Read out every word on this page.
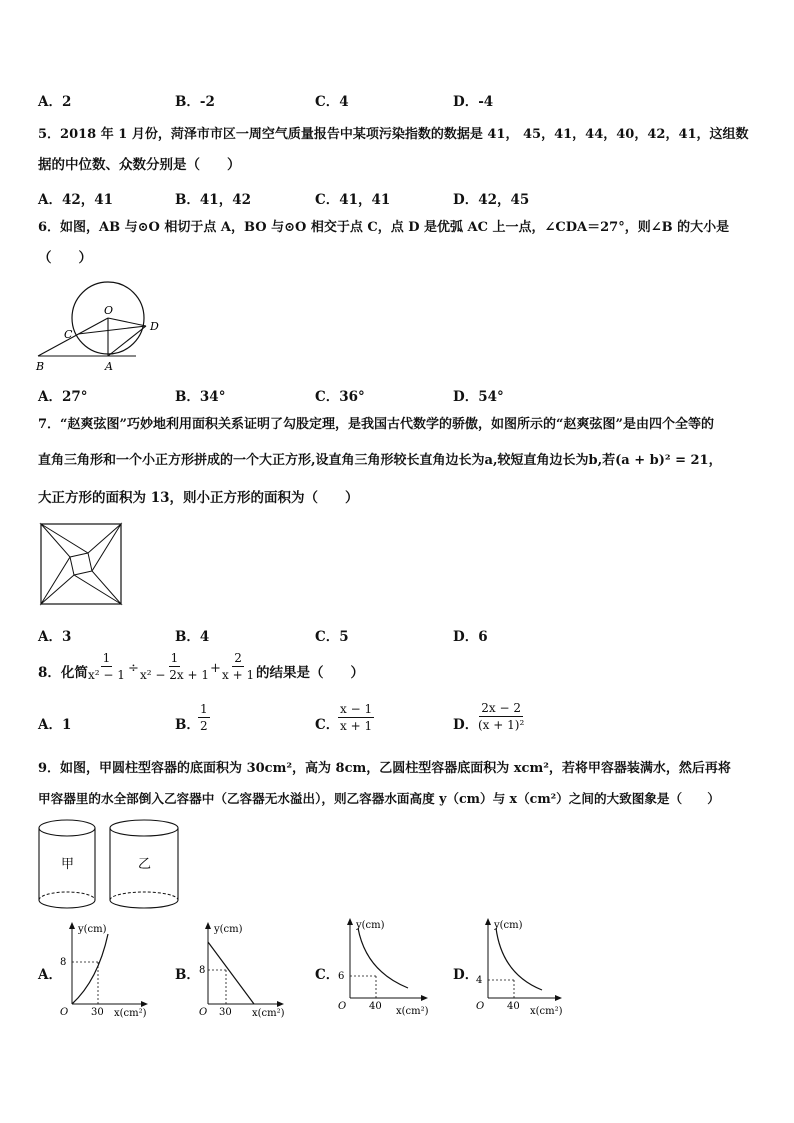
A．2	B．-2	C．4	D．-4
5．2018 年 1 月份，菏泽市市区一周空气质量报告中某项污染指数的数据是 41， 45，41，44，40，42，41，这组数
据的中位数、众数分别是（　　）
A．42，41	B．41，42	C．41，41	D．42，45
6．如图，AB 与⊙O 相切于点 A，BO 与⊙O 相交于点 C，点 D 是优弧 AC 上一点，∠CDA＝27°，则∠B 的大小是
（　　）
O
C
D
B	A
A．27°	B．34°	C．36°	D．54°
7．“赵爽弦图”巧妙地利用面积关系证明了勾股定理，是我国古代数学的骄傲，如图所示的“赵爽弦图”是由四个全等的
直角三角形和一个小正方形拼成的一个大正方形,设直角三角形较长直角边长为a,较短直角边长为b,若(a + b)² = 21，
大正方形的面积为 13，则小正方形的面积为（　　）
A．3	B．4	C．5	D．6
8．化简
$\frac{1}{\text{x² − 1}} \div \frac{1}{\text{x² − 2x + 1}} + \frac{2}{x + 1}$ 的结果是（　　）
A．1	B．
$\frac{1}{2}$	C．
$\frac{x - 1}{x + 1}$	D．
$\frac{2x - 2}{\text{(x + 1)²}}$
9．如图，甲圆柱型容器的底面积为 30cm²，高为 8cm，乙圆柱型容器底面积为 xcm²，若将甲容器装满水，然后再将
甲容器里的水全部倒入乙容器中（乙容器无水溢出），则乙容器水面高度 y（cm）与 x（cm²）之间的大致图象是（　　）
甲	乙
A．
y(cm)
8
30
O	x(cm²)
B．
y(cm)
8
30
O	x(cm²)
C．
y(cm)
6
40
O	x(cm²)
D．
y(cm)
4
40
O	x(cm²)
